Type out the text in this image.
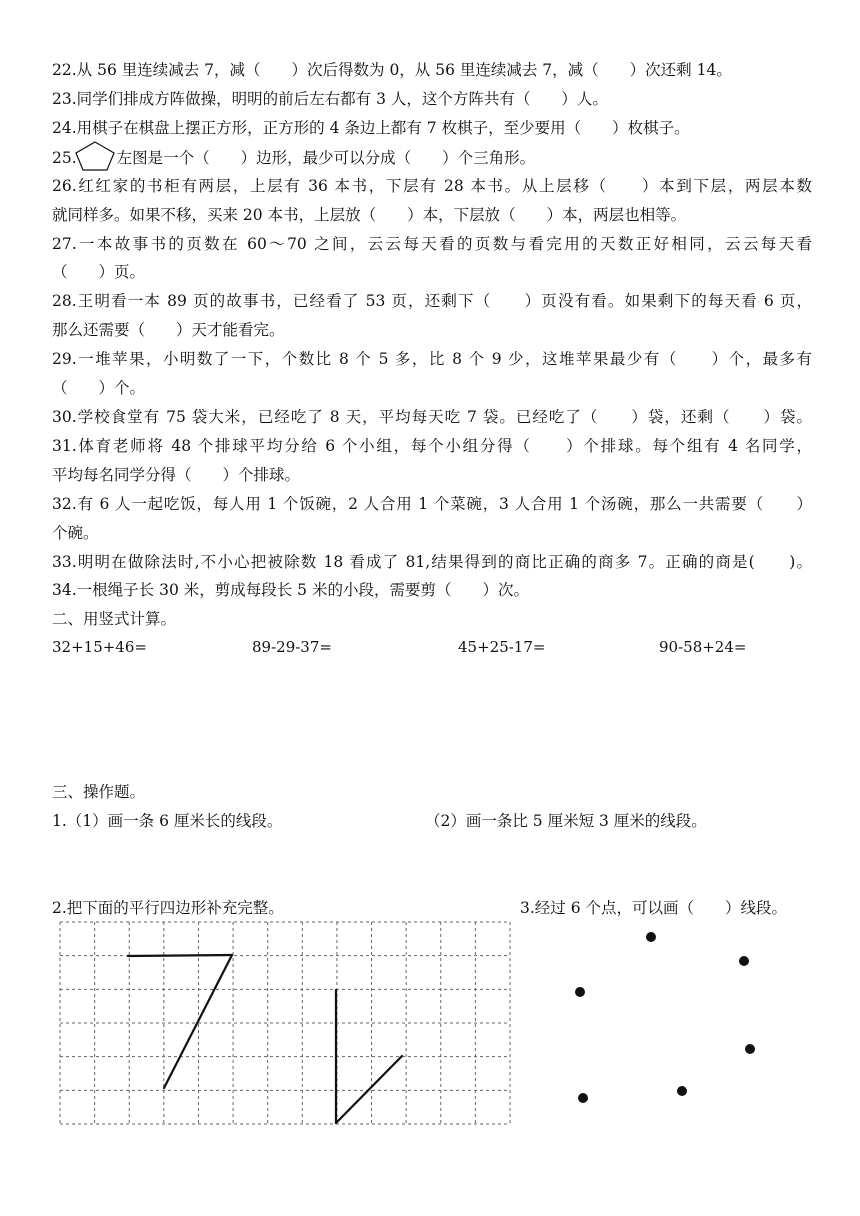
22.从 56 里连续减去 7，减（　　）次后得数为 0，从 56 里连续减去 7，减（　　）次还剩 14。
23.同学们排成方阵做操，明明的前后左右都有 3 人，这个方阵共有（　　）人。
24.用棋子在棋盘上摆正方形，正方形的 4 条边上都有 7 枚棋子，至少要用（　　）枚棋子。
25.	左图是一个（　　）边形，最少可以分成（　　）个三角形。
26.红红家的书柜有两层，上层有 36 本书，下层有 28 本书。从上层移（　　）本到下层，两层本数
就同样多。如果不移，买来 20 本书，上层放（　　）本，下层放（　　）本，两层也相等。
27.一本故事书的页数在 60～70 之间，云云每天看的页数与看完用的天数正好相同，云云每天看
（　　）页。
28.王明看一本 89 页的故事书，已经看了 53 页，还剩下（　　）页没有看。如果剩下的每天看 6 页，
那么还需要（　　）天才能看完。
29.一堆苹果，小明数了一下，个数比 8 个 5 多，比 8 个 9 少，这堆苹果最少有（　　）个，最多有
（　　）个。
30.学校食堂有 75 袋大米，已经吃了 8 天，平均每天吃 7 袋。已经吃了（　　）袋，还剩（　　）袋。
31.体育老师将 48 个排球平均分给 6 个小组，每个小组分得（　　）个排球。每个组有 4 名同学，
平均每名同学分得（　　）个排球。
32.有 6 人一起吃饭，每人用 1 个饭碗，2 人合用 1 个菜碗，3 人合用 1 个汤碗，那么一共需要（　　）
个碗。
33.明明在做除法时,不小心把被除数 18 看成了 81,结果得到的商比正确的商多 7。正确的商是(　　)。
34.一根绳子长 30 米，剪成每段长 5 米的小段，需要剪（　　）次。
二、用竖式计算。
32+15+46=	89-29-37=	45+25-17=	90-58+24=
三、操作题。
1.（1）画一条 6 厘米长的线段。	（2）画一条比 5 厘米短 3 厘米的线段。
2.把下面的平行四边形补充完整。	3.经过 6 个点，可以画（　　）线段。
